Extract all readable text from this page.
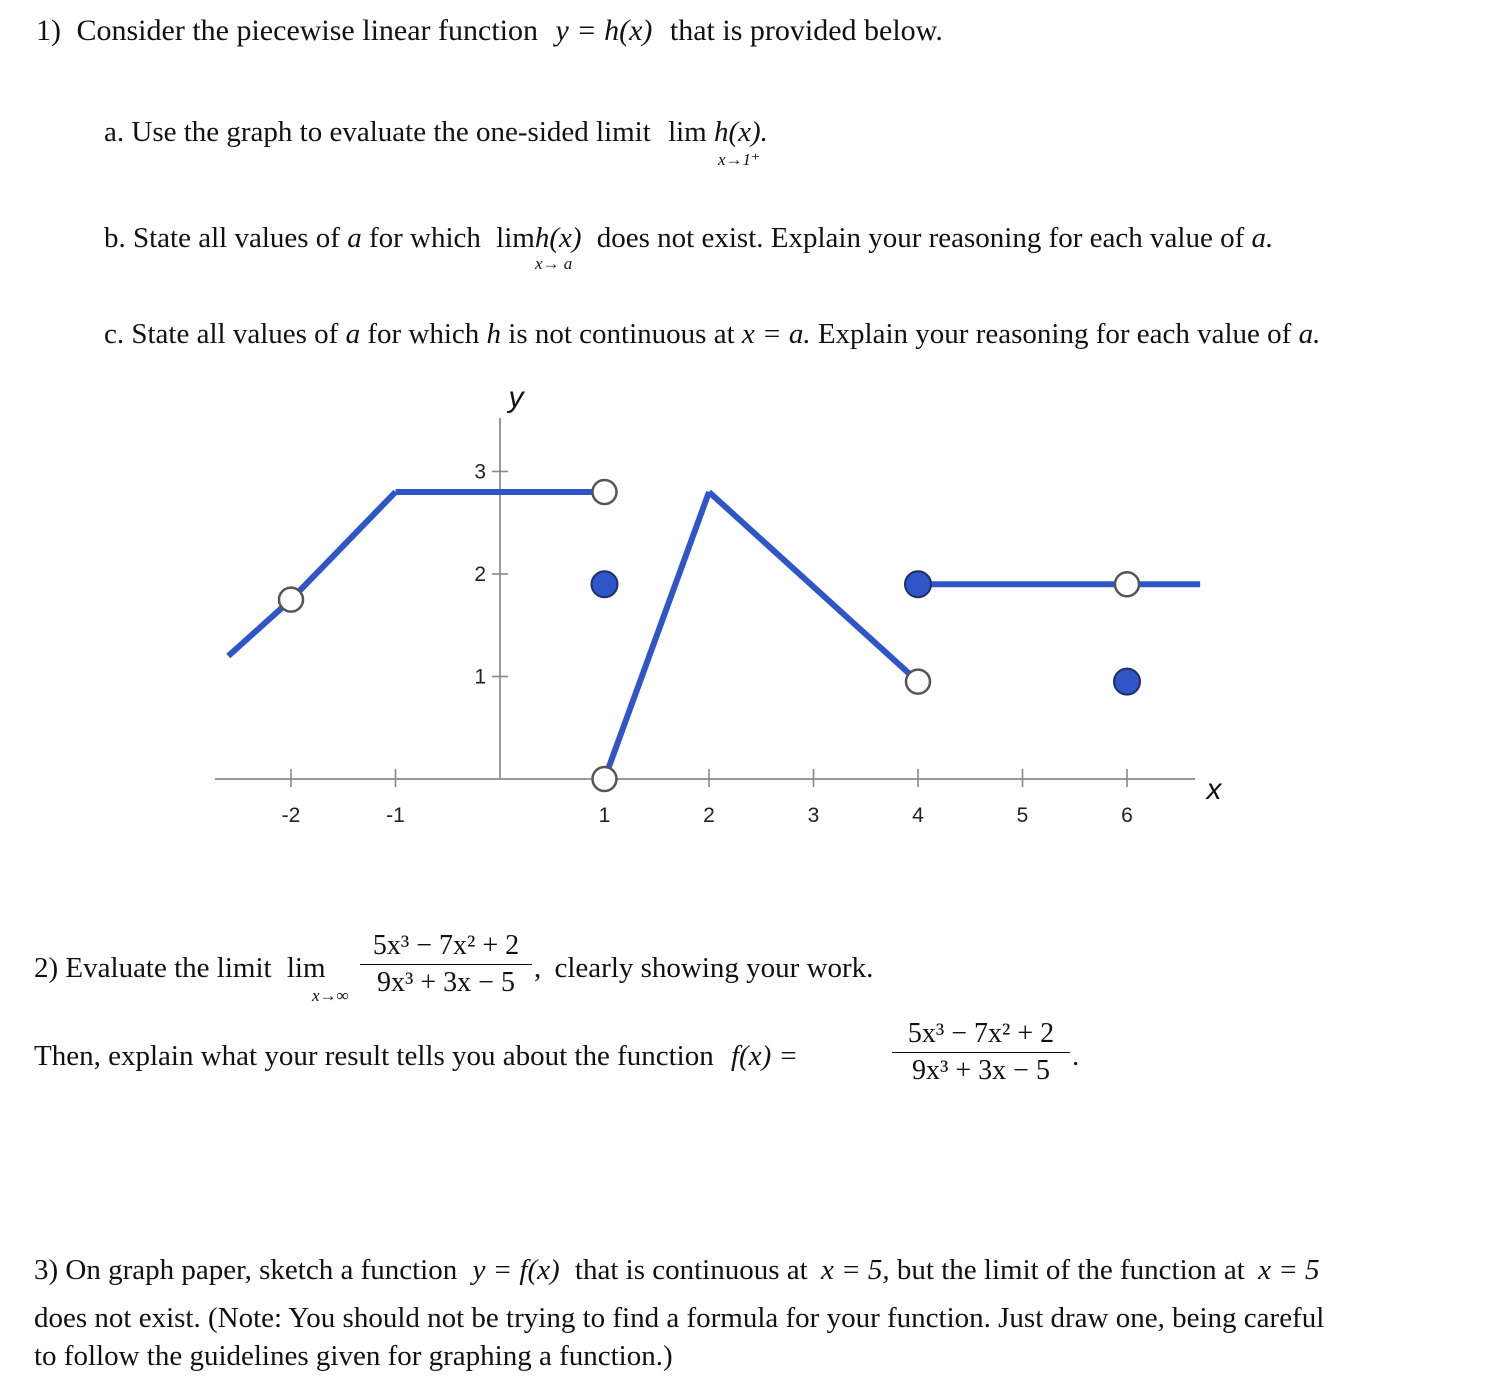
1) Consider the piecewise linear function y = h(x) that is provided below.
a. Use the graph to evaluate the one-sided limit lim h(x).
x→1⁺
b. State all values of a for which limh(x) does not exist. Explain your reasoning for each value of a.
x→ a
c. State all values of a for which h is not continuous at x = a. Explain your reasoning for each value of a.
-2	-1	1	2	3	4	5	6
1
2
3
x
y
2) Evaluate the limit lim
x→∞
5x³ − 7x² + 2
9x³ + 3x − 5 , clearly showing your work.
Then, explain what your result tells you about the function f(x) =
5x³ − 7x² + 2
9x³ + 3x − 5 .
3) On graph paper, sketch a function y = f(x) that is continuous at x = 5, but the limit of the function at x = 5
does not exist. (Note: You should not be trying to find a formula for your function. Just draw one, being careful
to follow the guidelines given for graphing a function.)
